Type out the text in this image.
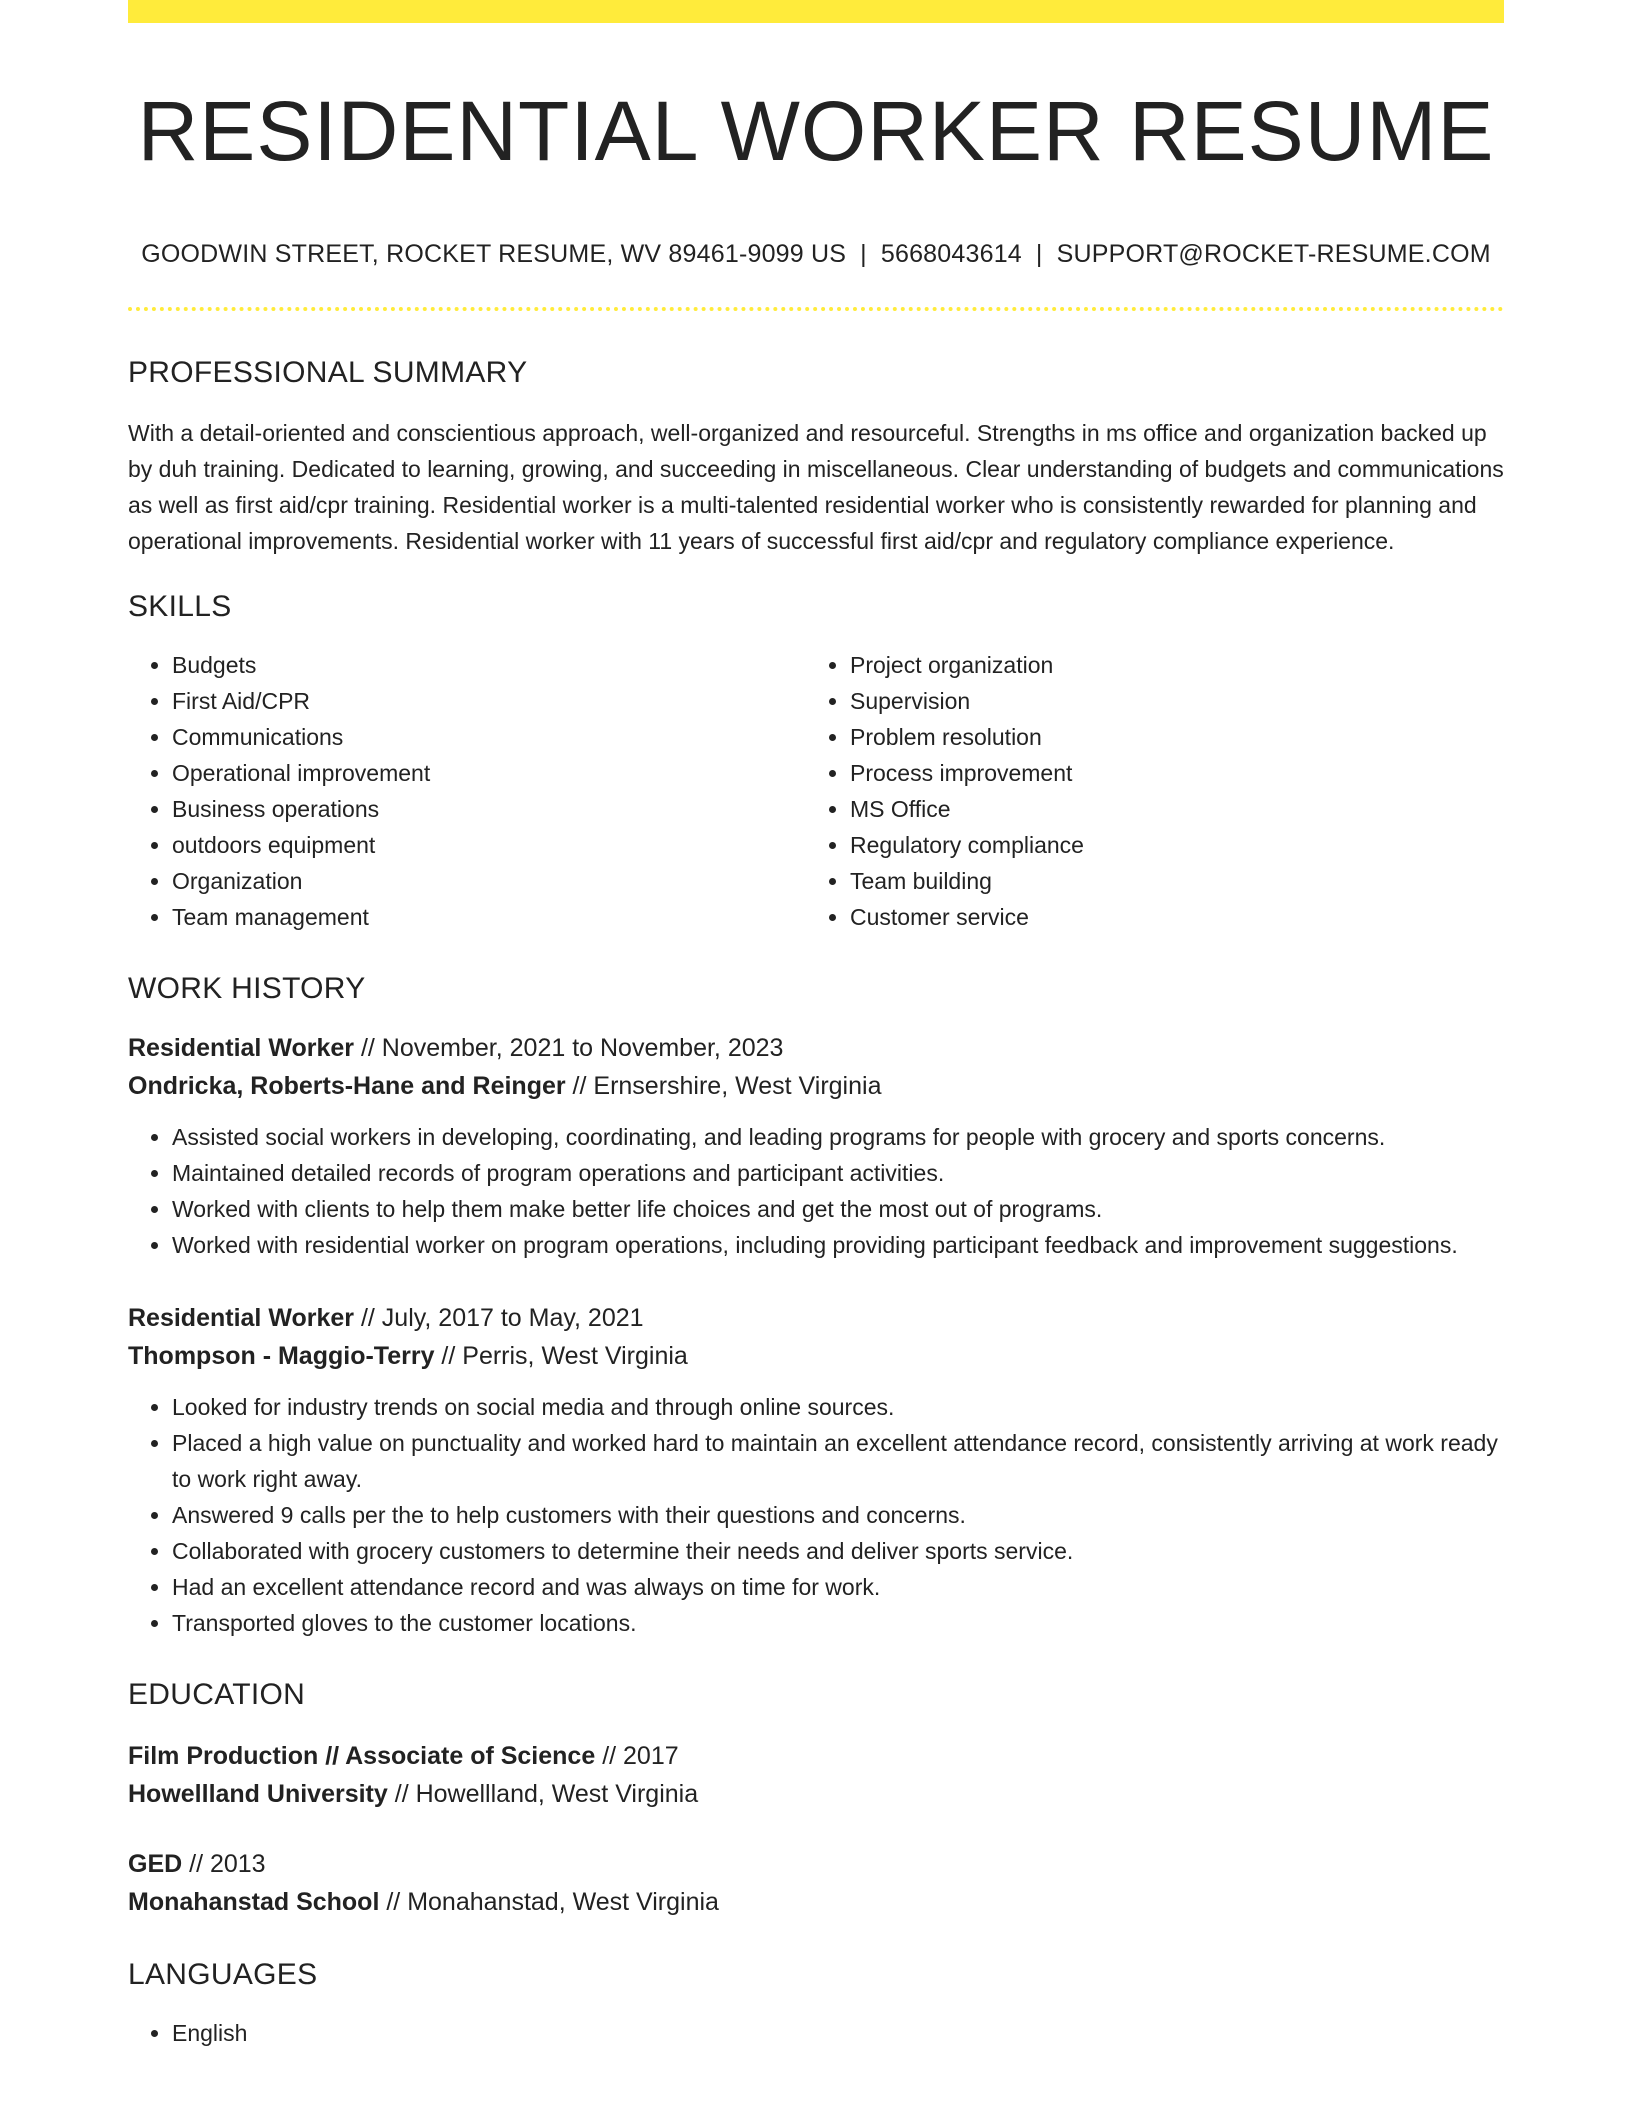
RESIDENTIAL WORKER RESUME
GOODWIN STREET, ROCKET RESUME, WV 89461-9099 US | 5668043614 | SUPPORT@ROCKET-RESUME.COM
PROFESSIONAL SUMMARY
With a detail-oriented and conscientious approach, well-organized and resourceful. Strengths in ms office and organization backed up by duh training. Dedicated to learning, growing, and succeeding in miscellaneous. Clear understanding of budgets and communications as well as first aid/cpr training. Residential worker is a multi-talented residential worker who is consistently rewarded for planning and operational improvements. Residential worker with 11 years of successful first aid/cpr and regulatory compliance experience.
SKILLS
• Budgets
• First Aid/CPR
• Communications
• Operational improvement
• Business operations
• outdoors equipment
• Organization
• Team management
• Project organization
• Supervision
• Problem resolution
• Process improvement
• MS Office
• Regulatory compliance
• Team building
• Customer service
WORK HISTORY
Residential Worker // November, 2021 to November, 2023
Ondricka, Roberts-Hane and Reinger // Ernsershire, West Virginia
• Assisted social workers in developing, coordinating, and leading programs for people with grocery and sports concerns.
• Maintained detailed records of program operations and participant activities.
• Worked with clients to help them make better life choices and get the most out of programs.
• Worked with residential worker on program operations, including providing participant feedback and improvement suggestions.
Residential Worker // July, 2017 to May, 2021
Thompson - Maggio-Terry // Perris, West Virginia
• Looked for industry trends on social media and through online sources.
• Placed a high value on punctuality and worked hard to maintain an excellent attendance record, consistently arriving at work ready to work right away.
• Answered 9 calls per the to help customers with their questions and concerns.
• Collaborated with grocery customers to determine their needs and deliver sports service.
• Had an excellent attendance record and was always on time for work.
• Transported gloves to the customer locations.
EDUCATION
Film Production // Associate of Science // 2017
Howellland University // Howellland, West Virginia
GED // 2013
Monahanstad School // Monahanstad, West Virginia
LANGUAGES
• English
